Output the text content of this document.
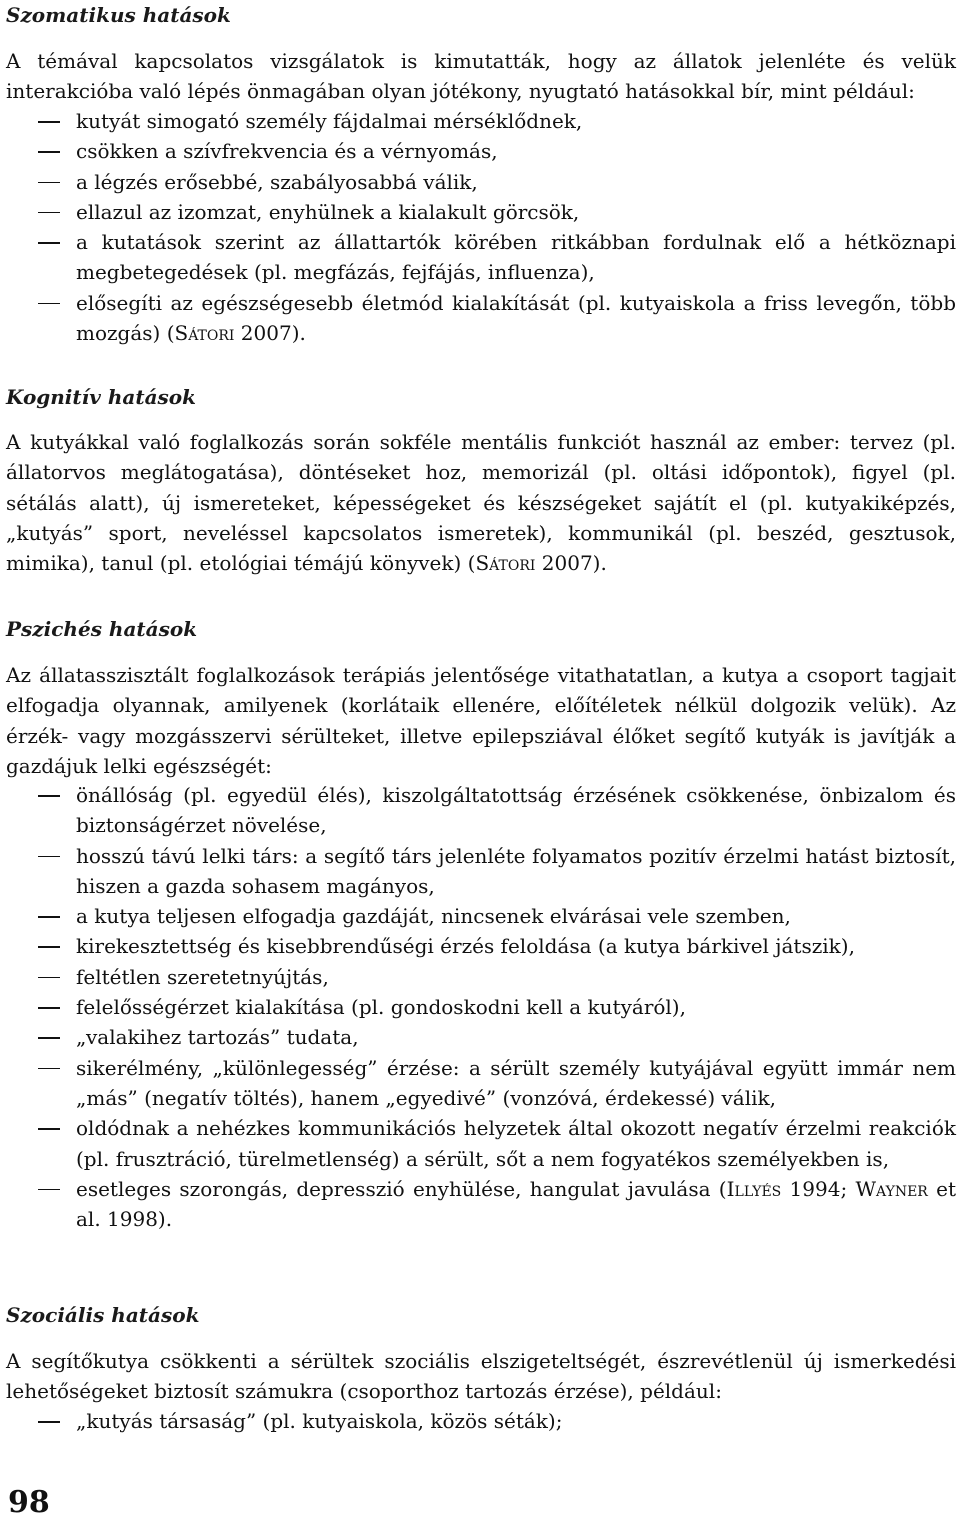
Szomatikus hatások

A témával kapcsolatos vizsgálatok is kimutatták, hogy az állatok jelenléte és velük interakcióba való lépés önmagában olyan jótékony, nyugtató hatásokkal bír, mint például:

kutyát simogató személy fájdalmai mérséklődnek,
csökken a szívfrekvencia és a vérnyomás,
a légzés erősebbé, szabályosabbá válik,
ellazul az izomzat, enyhülnek a kialakult görcsök,
a kutatások szerint az állattartók körében ritkábban fordulnak elő a hétköznapi megbetegedések (pl. megfázás, fejfájás, influenza),
elősegíti az egészségesebb életmód kialakítását (pl. kutyaiskola a friss levegőn, több mozgás) (Sátori 2007).
Kognitív hatások

A kutyákkal való foglalkozás során sokféle mentális funkciót használ az ember: tervez (pl. állatorvos meglátogatása), döntéseket hoz, memorizál (pl. oltási időpontok), figyel (pl. sétálás alatt), új ismereteket, képességeket és készségeket sajátít el (pl. kutyakiképzés, „kutyás” sport, neveléssel kapcsolatos ismeretek), kommunikál (pl. beszéd, gesztusok, mimika), tanul (pl. etológiai témájú könyvek) (Sátori 2007).

Pszichés hatások

Az állatasszisztált foglalkozások terápiás jelentősége vitathatatlan, a kutya a csoport tagjait elfogadja olyannak, amilyenek (korlátaik ellenére, előítéletek nélkül dolgozik velük). Az érzék- vagy mozgásszervi sérülteket, illetve epilepsziával élőket segítő kutyák is javítják a gazdájuk lelki egészségét:

önállóság (pl. egyedül élés), kiszolgáltatottság érzésének csökkenése, önbizalom és biztonságérzet növelése,
hosszú távú lelki társ: a segítő társ jelenléte folyamatos pozitív érzelmi hatást biztosít, hiszen a gazda sohasem magányos,
a kutya teljesen elfogadja gazdáját, nincsenek elvárásai vele szemben,
kirekesztettség és kisebbrendűségi érzés feloldása (a kutya bárkivel játszik),
feltétlen szeretetnyújtás,
felelősségérzet kialakítása (pl. gondoskodni kell a kutyáról),
„valakihez tartozás” tudata,
sikerélmény, „különlegesség” érzése: a sérült személy kutyájával együtt immár nem „más” (negatív töltés), hanem „egyedivé” (vonzóvá, érdekessé) válik,
oldódnak a nehézkes kommunikációs helyzetek által okozott negatív érzelmi reakciók (pl. frusztráció, türelmetlenség) a sérült, sőt a nem fogyatékos személyekben is,
esetleges szorongás, depresszió enyhülése, hangulat javulása (Illyés 1994; Wayner et al. 1998).
Szociális hatások

A segítőkutya csökkenti a sérültek szociális elszigeteltségét, észrevétlenül új ismerkedési lehetőségeket biztosít számukra (csoporthoz tartozás érzése), például:

„kutyás társaság” (pl. kutyaiskola, közös séták);
98
